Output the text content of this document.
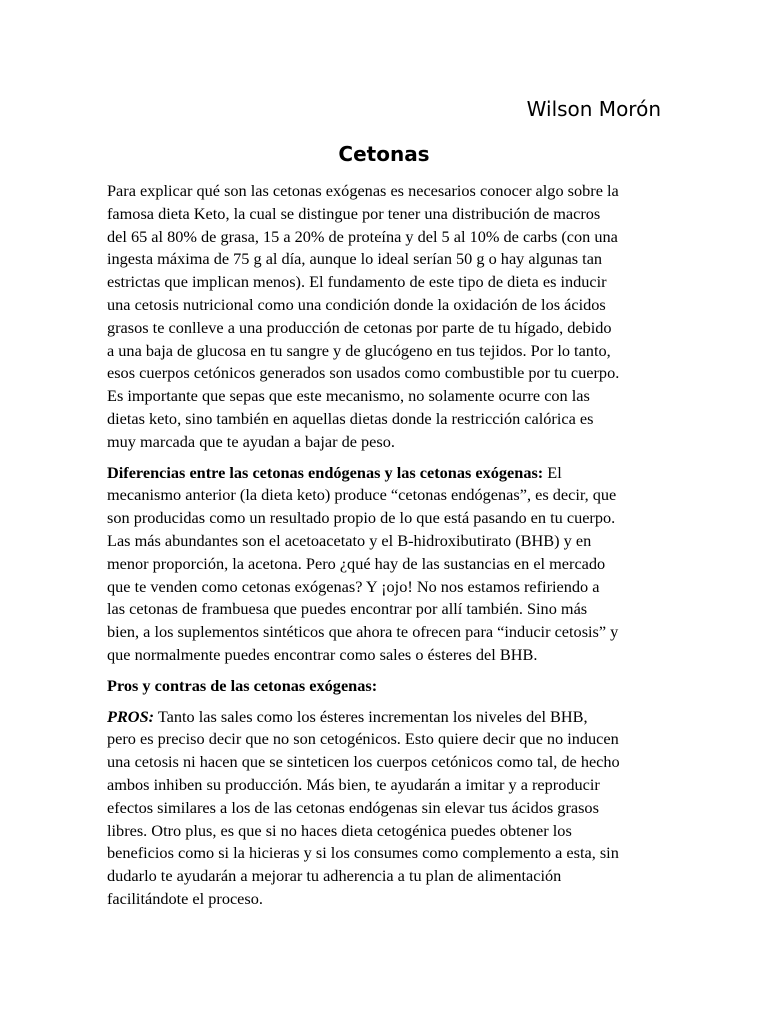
Wilson Morón

Cetonas

Para explicar qué son las cetonas exógenas es necesarios conocer algo sobre la
famosa dieta Keto, la cual se distingue por tener una distribución de macros
del 65 al 80% de grasa, 15 a 20% de proteína y del 5 al 10% de carbs (con una
ingesta máxima de 75 g al día, aunque lo ideal serían 50 g o hay algunas tan
estrictas que implican menos). El fundamento de este tipo de dieta es inducir
una cetosis nutricional como una condición donde la oxidación de los ácidos
grasos te conlleve a una producción de cetonas por parte de tu hígado, debido
a una baja de glucosa en tu sangre y de glucógeno en tus tejidos. Por lo tanto,
esos cuerpos cetónicos generados son usados como combustible por tu cuerpo.
Es importante que sepas que este mecanismo, no solamente ocurre con las
dietas keto, sino también en aquellas dietas donde la restricción calórica es
muy marcada que te ayudan a bajar de peso.

Diferencias entre las cetonas endógenas y las cetonas exógenas: El
mecanismo anterior (la dieta keto) produce “cetonas endógenas”, es decir, que
son producidas como un resultado propio de lo que está pasando en tu cuerpo.
Las más abundantes son el acetoacetato y el B-hidroxibutirato (BHB) y en
menor proporción, la acetona. Pero ¿qué hay de las sustancias en el mercado
que te venden como cetonas exógenas? Y ¡ojo! No nos estamos refiriendo a
las cetonas de frambuesa que puedes encontrar por allí también. Sino más
bien, a los suplementos sintéticos que ahora te ofrecen para “inducir cetosis” y
que normalmente puedes encontrar como sales o ésteres del BHB.

Pros y contras de las cetonas exógenas:

PROS: Tanto las sales como los ésteres incrementan los niveles del BHB,
pero es preciso decir que no son cetogénicos. Esto quiere decir que no inducen
una cetosis ni hacen que se sinteticen los cuerpos cetónicos como tal, de hecho
ambos inhiben su producción. Más bien, te ayudarán a imitar y a reproducir
efectos similares a los de las cetonas endógenas sin elevar tus ácidos grasos
libres. Otro plus, es que si no haces dieta cetogénica puedes obtener los
beneficios como si la hicieras y si los consumes como complemento a esta, sin
dudarlo te ayudarán a mejorar tu adherencia a tu plan de alimentación
facilitándote el proceso.
